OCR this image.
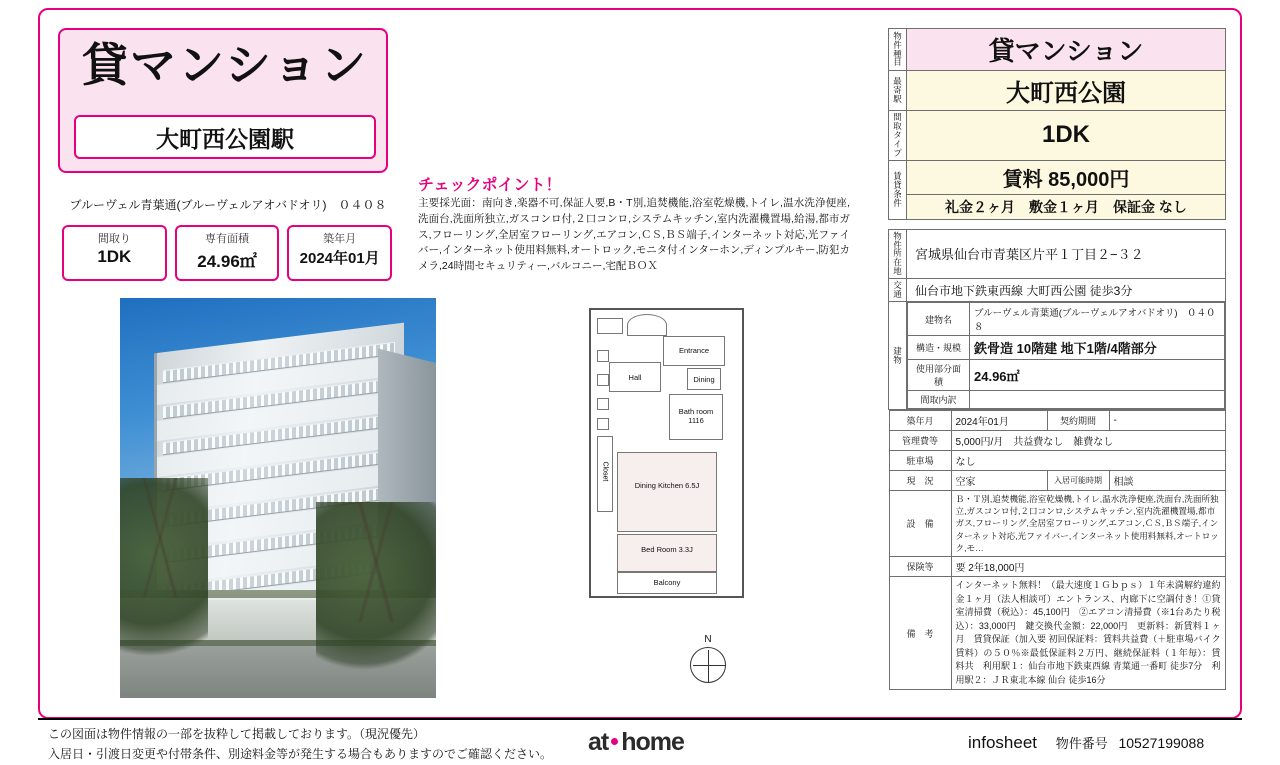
貸マンション
大町西公園駅
ブルーヴェル青葉通(ブルーヴェルアオバドオリ)　０４０８
間取り
1DK
専有面積
24.96㎡
築年月
2024年01月
チェックポイント！
主要採光面：南向き,楽器不可,保証人要,B・T別,追焚機能,浴室乾燥機,トイレ,温水洗浄便座,洗面台,洗面所独立,ガスコンロ付,２口コンロ,システムキッチン,室内洗濯機置場,給湯,都市ガス,フローリング,全居室フローリング,エアコン,ＣＳ,ＢＳ端子,インターネット対応,光ファイバー,インターネット使用料無料,オートロック,モニタ付インターホン,ディンプルキー,防犯カメラ,24時間セキュリティー,バルコニー,宅配ＢＯＸ
Entrance
Hall	Dining
Bath room 1116
Closet
Dining Kitchen 6.5J
Bed Room 3.3J
Balcony
N
物件種目	貸マンション
最寄駅	大町西公園
間取タイプ	1DK
賃貸条件	賃料 85,000円
礼金２ヶ月　敷金１ヶ月　保証金 なし

物件所在地	宮城県仙台市青葉区片平１丁目２−３２
交通	仙台市地下鉄東西線 大町西公園 徒歩3分
建物	
建物名	ブルーヴェル青葉通(ブルーヴェルアオバドオリ)　０４０８
構造・規模	鉄骨造 10階建 地下1階/4階部分
使用部分面積	24.96㎡
間取内訳	

築年月	2024年01月	契約期間	-
管理費等	5,000円/月　共益費なし　雑費なし
駐車場	なし
現　況	空家	入居可能時期	相談
設　備	Ｂ・Ｔ別,追焚機能,浴室乾燥機,トイレ,温水洗浄便座,洗面台,洗面所独立,ガスコンロ付,２口コンロ,システムキッチン,室内洗濯機置場,都市ガス,フローリング,全居室フローリング,エアコン,ＣＳ,ＢＳ端子,インターネット対応,光ファイバー,インターネット使用料無料,オートロック,モ…
保険等	要 2年18,000円
備　考	インターネット無料！（最大速度１Ｇｂｐｓ）１年未満解約違約金１ヶ月（法人相談可）エントランス、内廊下に空調付き！①貸室清掃費（税込）：45,100円　②エアコン清掃費（※1台あたり税込）：33,000円　鍵交換代金額：22,000円　更新料：新賃料１ヶ月　賃貸保証（加入要 初回保証料：賃料共益費（＋駐車場バイク賃料）の５０％※最低保証料２万円、継続保証料（１年毎）：賃料共　利用駅１：仙台市地下鉄東西線 青葉通一番町 徒歩7分　利用駅２：ＪＲ東北本線 仙台 徒歩16分
この図面は物件情報の一部を抜粋して掲載しております。（現況優先）
入居日・引渡日変更や付帯条件、別途料金等が発生する場合もありますのでご確認ください。 at home	infosheet 物件番号 10527199088
